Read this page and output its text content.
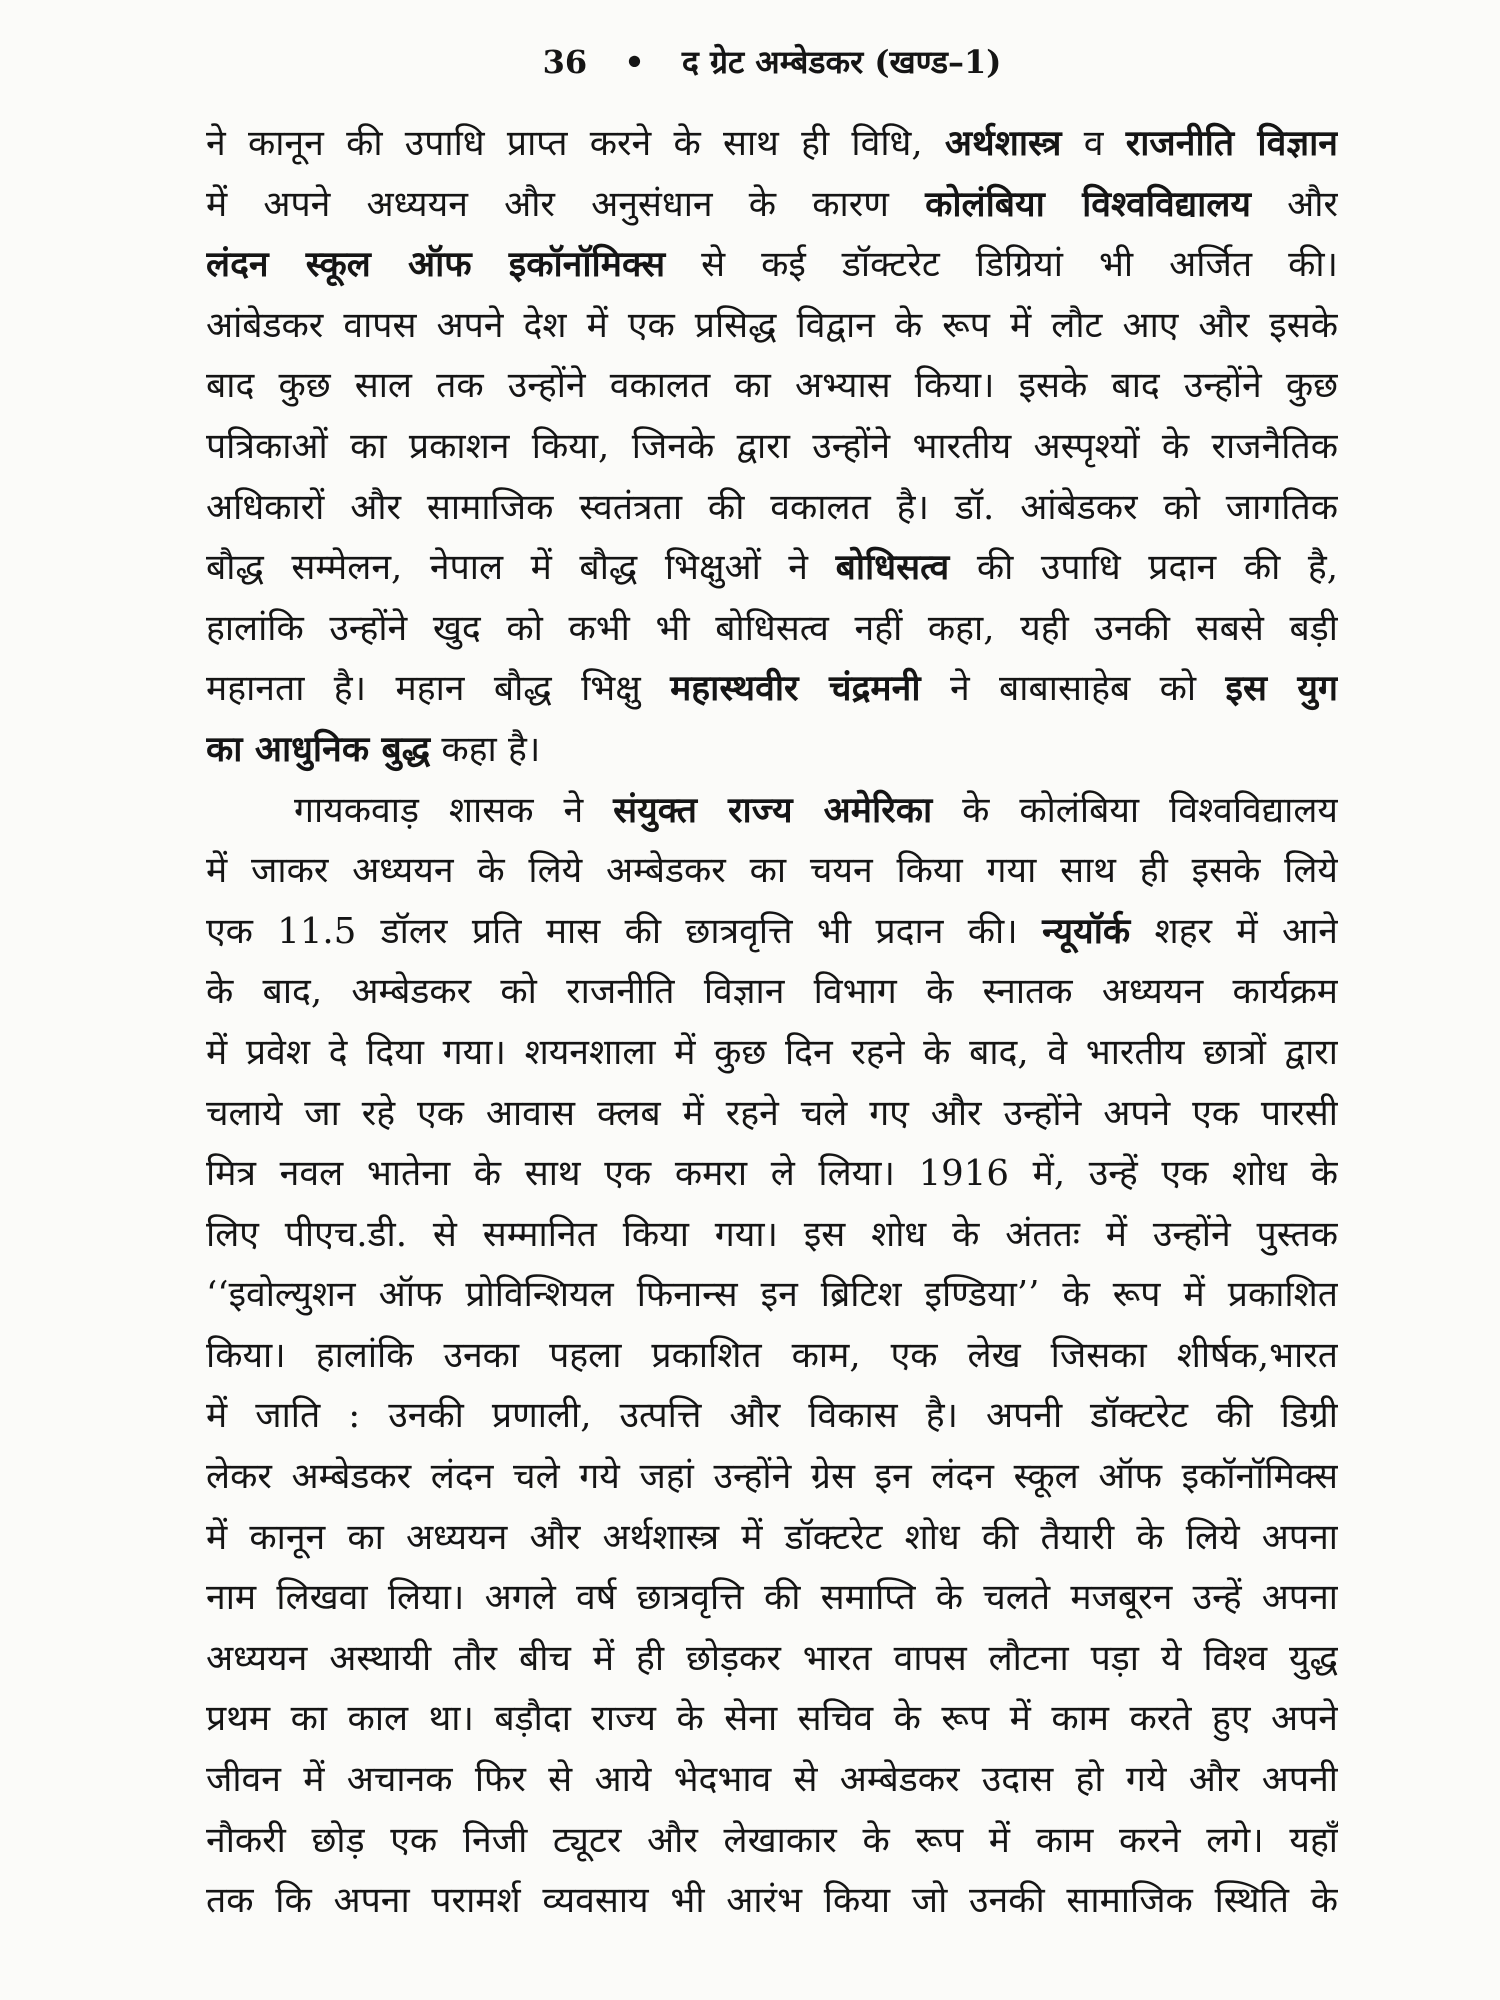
36 • द ग्रेट अम्बेडकर (खण्ड–1)
ने कानून की उपाधि प्राप्त करने के साथ ही विधि, अर्थशास्त्र व राजनीति विज्ञान
में अपने अध्ययन और अनुसंधान के कारण कोलंबिया विश्वविद्यालय और
लंदन स्कूल ऑफ इकॉनॉमिक्स से कई डॉक्टरेट डिग्रियां भी अर्जित की।
आंबेडकर वापस अपने देश में एक प्रसिद्ध विद्वान के रूप में लौट आए और इसके
बाद कुछ साल तक उन्होंने वकालत का अभ्यास किया। इसके बाद उन्होंने कुछ
पत्रिकाओं का प्रकाशन किया, जिनके द्वारा उन्होंने भारतीय अस्पृश्यों के राजनैतिक
अधिकारों और सामाजिक स्वतंत्रता की वकालत है। डॉ. आंबेडकर को जागतिक
बौद्ध सम्मेलन, नेपाल में बौद्ध भिक्षुओं ने बोधिसत्व की उपाधि प्रदान की है,
हालांकि उन्होंने खुद को कभी भी बोधिसत्व नहीं कहा, यही उनकी सबसे बड़ी
महानता है। महान बौद्ध भिक्षु महास्थवीर चंद्रमनी ने बाबासाहेब को इस युग
का आधुनिक बुद्ध कहा है।
गायकवाड़ शासक ने संयुक्त राज्य अमेरिका के कोलंबिया विश्वविद्यालय
में जाकर अध्ययन के लिये अम्बेडकर का चयन किया गया साथ ही इसके लिये
एक 11.5 डॉलर प्रति मास की छात्रवृत्ति भी प्रदान की। न्यूयॉर्क शहर में आने
के बाद, अम्बेडकर को राजनीति विज्ञान विभाग के स्नातक अध्ययन कार्यक्रम
में प्रवेश दे दिया गया। शयनशाला में कुछ दिन रहने के बाद, वे भारतीय छात्रों द्वारा
चलाये जा रहे एक आवास क्लब में रहने चले गए और उन्होंने अपने एक पारसी
मित्र नवल भातेना के साथ एक कमरा ले लिया। 1916 में, उन्हें एक शोध के
लिए पीएच.डी. से सम्मानित किया गया। इस शोध के अंततः में उन्होंने पुस्तक
‘‘इवोल्युशन ऑफ प्रोविन्शियल फिनान्स इन ब्रिटिश इण्डिया’’ के रूप में प्रकाशित
किया। हालांकि उनका पहला प्रकाशित काम, एक लेख जिसका शीर्षक,भारत
में जाति : उनकी प्रणाली, उत्पत्ति और विकास है। अपनी डॉक्टरेट की डिग्री
लेकर अम्बेडकर लंदन चले गये जहां उन्होंने ग्रेस इन लंदन स्कूल ऑफ इकॉनॉमिक्स
में कानून का अध्ययन और अर्थशास्त्र में डॉक्टरेट शोध की तैयारी के लिये अपना
नाम लिखवा लिया। अगले वर्ष छात्रवृत्ति की समाप्ति के चलते मजबूरन उन्हें अपना
अध्ययन अस्थायी तौर बीच में ही छोड़कर भारत वापस लौटना पड़ा ये विश्व युद्ध
प्रथम का काल था। बड़ौदा राज्य के सेना सचिव के रूप में काम करते हुए अपने
जीवन में अचानक फिर से आये भेदभाव से अम्बेडकर उदास हो गये और अपनी
नौकरी छोड़ एक निजी ट्यूटर और लेखाकार के रूप में काम करने लगे। यहाँ
तक कि अपना परामर्श व्यवसाय भी आरंभ किया जो उनकी सामाजिक स्थिति के
